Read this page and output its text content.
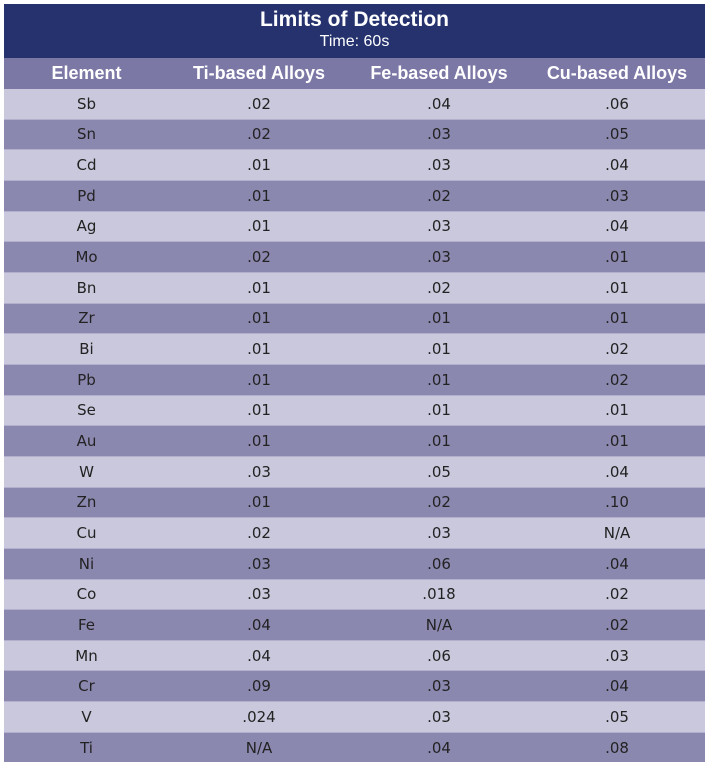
Limits of Detection
Time: 60s
Element	Ti-based Alloys	Fe-based Alloys	Cu-based Alloys
Sb	.02	.04	.06
Sn	.02	.03	.05
Cd	.01	.03	.04
Pd	.01	.02	.03
Ag	.01	.03	.04
Mo	.02	.03	.01
Bn	.01	.02	.01
Zr	.01	.01	.01
Bi	.01	.01	.02
Pb	.01	.01	.02
Se	.01	.01	.01
Au	.01	.01	.01
W	.03	.05	.04
Zn	.01	.02	.10
Cu	.02	.03	N/A
Ni	.03	.06	.04
Co	.03	.018	.02
Fe	.04	N/A	.02
Mn	.04	.06	.03
Cr	.09	.03	.04
V	.024	.03	.05
Ti	N/A	.04	.08
